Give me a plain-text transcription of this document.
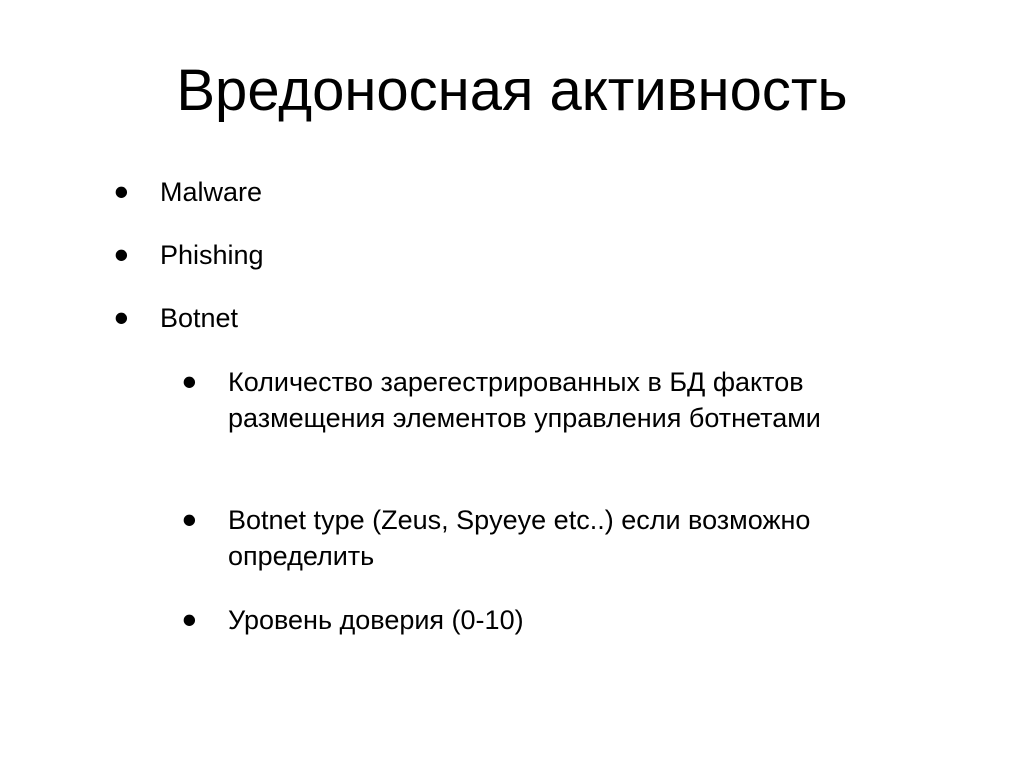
Вредоносная активность
• Malware
• Phishing
• Botnet
• Количество зарегестрированных в БД фактов размещения элементов управления ботнетами
• Botnet type (Zeus, Spyeye etc..) если возможно определить
• Уровень доверия (0-10)
